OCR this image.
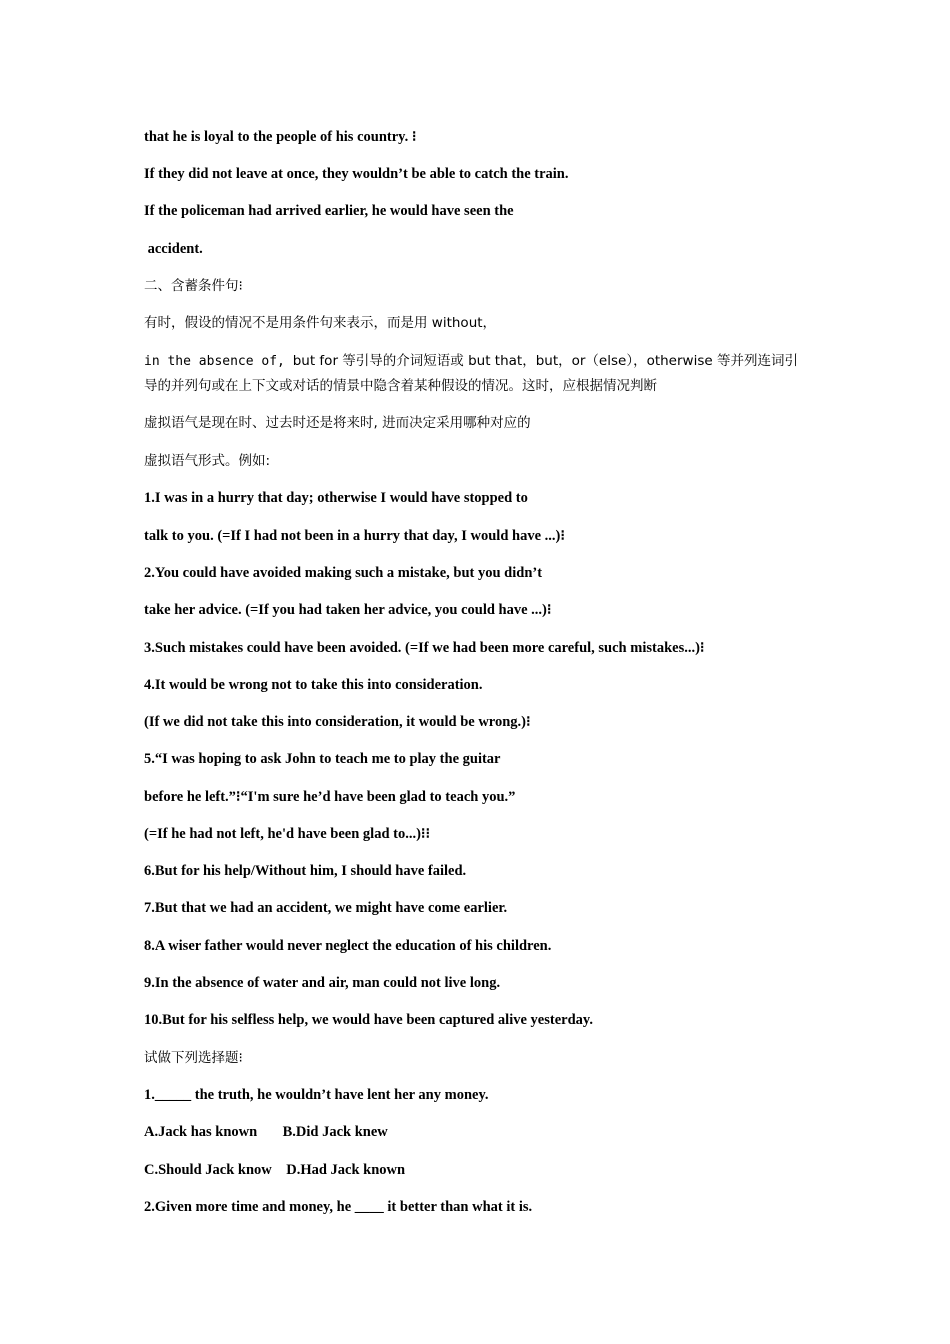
that he is loyal to the people of his country. ⁝
If they did not leave at once, they wouldn’t be able to catch the train.
If the policeman had arrived earlier, he would have seen the
accident.
二、含蓄条件句⁝
有时，假设的情况不是用条件句来表示，而是用 without，
in the absence of, but for 等引导的介词短语或 but that，but，or（else），otherwise 等并列连词引导的并列句或在上下文或对话的情景中隐含着某种假设的情况。这时，应根据情况判断
虚拟语气是现在时、过去时还是将来时, 进而决定采用哪种对应的
虚拟语气形式。例如:
1.I was in a hurry that day; otherwise I would have stopped to
talk to you. (=If I had not been in a hurry that day, I would have ...)⁝
2.You could have avoided making such a mistake, but you didn’t
take her advice. (=If you had taken her advice, you could have ...)⁝
3.Such mistakes could have been avoided. (=If we had been more careful, such mistakes...)⁝
4.It would be wrong not to take this into consideration.
(If we did not take this into consideration, it would be wrong.)⁝
5.“I was hoping to ask John to teach me to play the guitar
before he left.”⁝“I'm sure he’d have been glad to teach you.”
(=If he had not left, he'd have been glad to...)⁝⁝
6.But for his help/Without him, I should have failed.
7.But that we had an accident, we might have come earlier.
8.A wiser father would never neglect the education of his children.
9.In the absence of water and air, man could not live long.
10.But for his selfless help, we would have been captured alive yesterday.
试做下列选择题⁝
1._____ the truth, he wouldn’t have lent her any money.
A.Jack has known       B.Did Jack knew
C.Should Jack know    D.Had Jack known
2.Given more time and money, he ____ it better than what it is.
